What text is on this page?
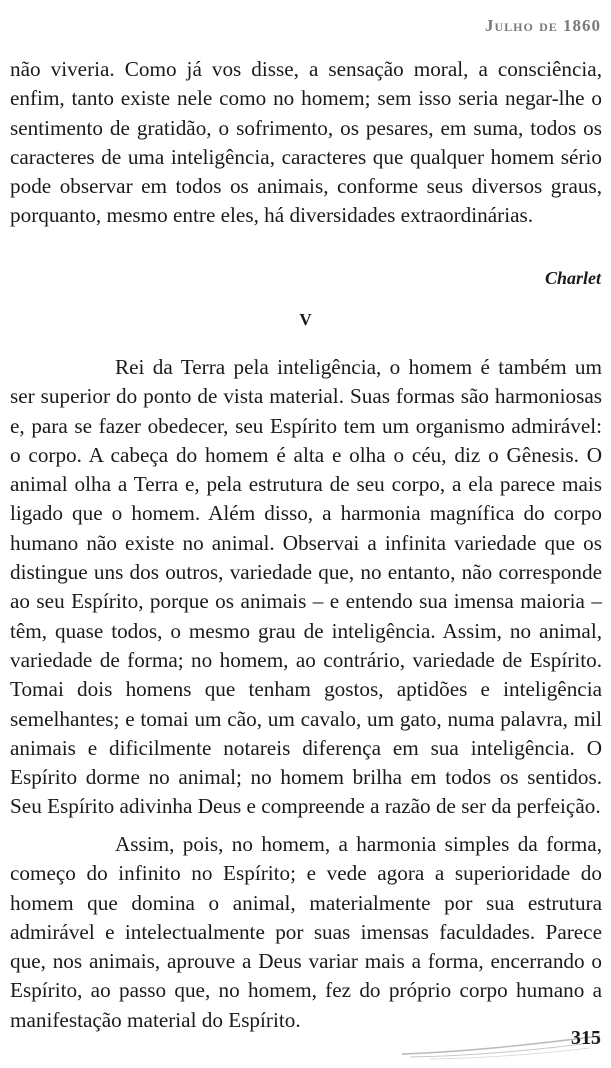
Julho de 1860

não viveria. Como já vos disse, a sensação moral, a consciência, enfim, tanto existe nele como no homem; sem isso seria negar-lhe o sentimento de gratidão, o sofrimento, os pesares, em suma, todos os caracteres de uma inteligência, caracteres que qualquer homem sério pode observar em todos os animais, conforme seus diversos graus, porquanto, mesmo entre eles, há diversidades extraordinárias.

Charlet
V

Rei da Terra pela inteligência, o homem é também um ser superior do ponto de vista material. Suas formas são harmoniosas e, para se fazer obedecer, seu Espírito tem um organismo admirável: o corpo. A cabeça do homem é alta e olha o céu, diz o Gênesis. O animal olha a Terra e, pela estrutura de seu corpo, a ela parece mais ligado que o homem. Além disso, a harmonia magnífica do corpo humano não existe no animal. Observai a infinita variedade que os distingue uns dos outros, variedade que, no entanto, não corresponde ao seu Espírito, porque os animais – e entendo sua imensa maioria – têm, quase todos, o mesmo grau de inteligência. Assim, no animal, variedade de forma; no homem, ao contrário, variedade de Espírito. Tomai dois homens que tenham gostos, aptidões e inteligência semelhantes; e tomai um cão, um cavalo, um gato, numa palavra, mil animais e dificilmente notareis diferença em sua inteligência. O Espírito dorme no animal; no homem brilha em todos os sentidos. Seu Espírito adivinha Deus e compreende a razão de ser da perfeição.

Assim, pois, no homem, a harmonia simples da forma, começo do infinito no Espírito; e vede agora a superioridade do homem que domina o animal, materialmente por sua estrutura admirável e intelectualmente por suas imensas faculdades. Parece que, nos animais, aprouve a Deus variar mais a forma, encerrando o Espírito, ao passo que, no homem, fez do próprio corpo humano a manifestação material do Espírito.

315
